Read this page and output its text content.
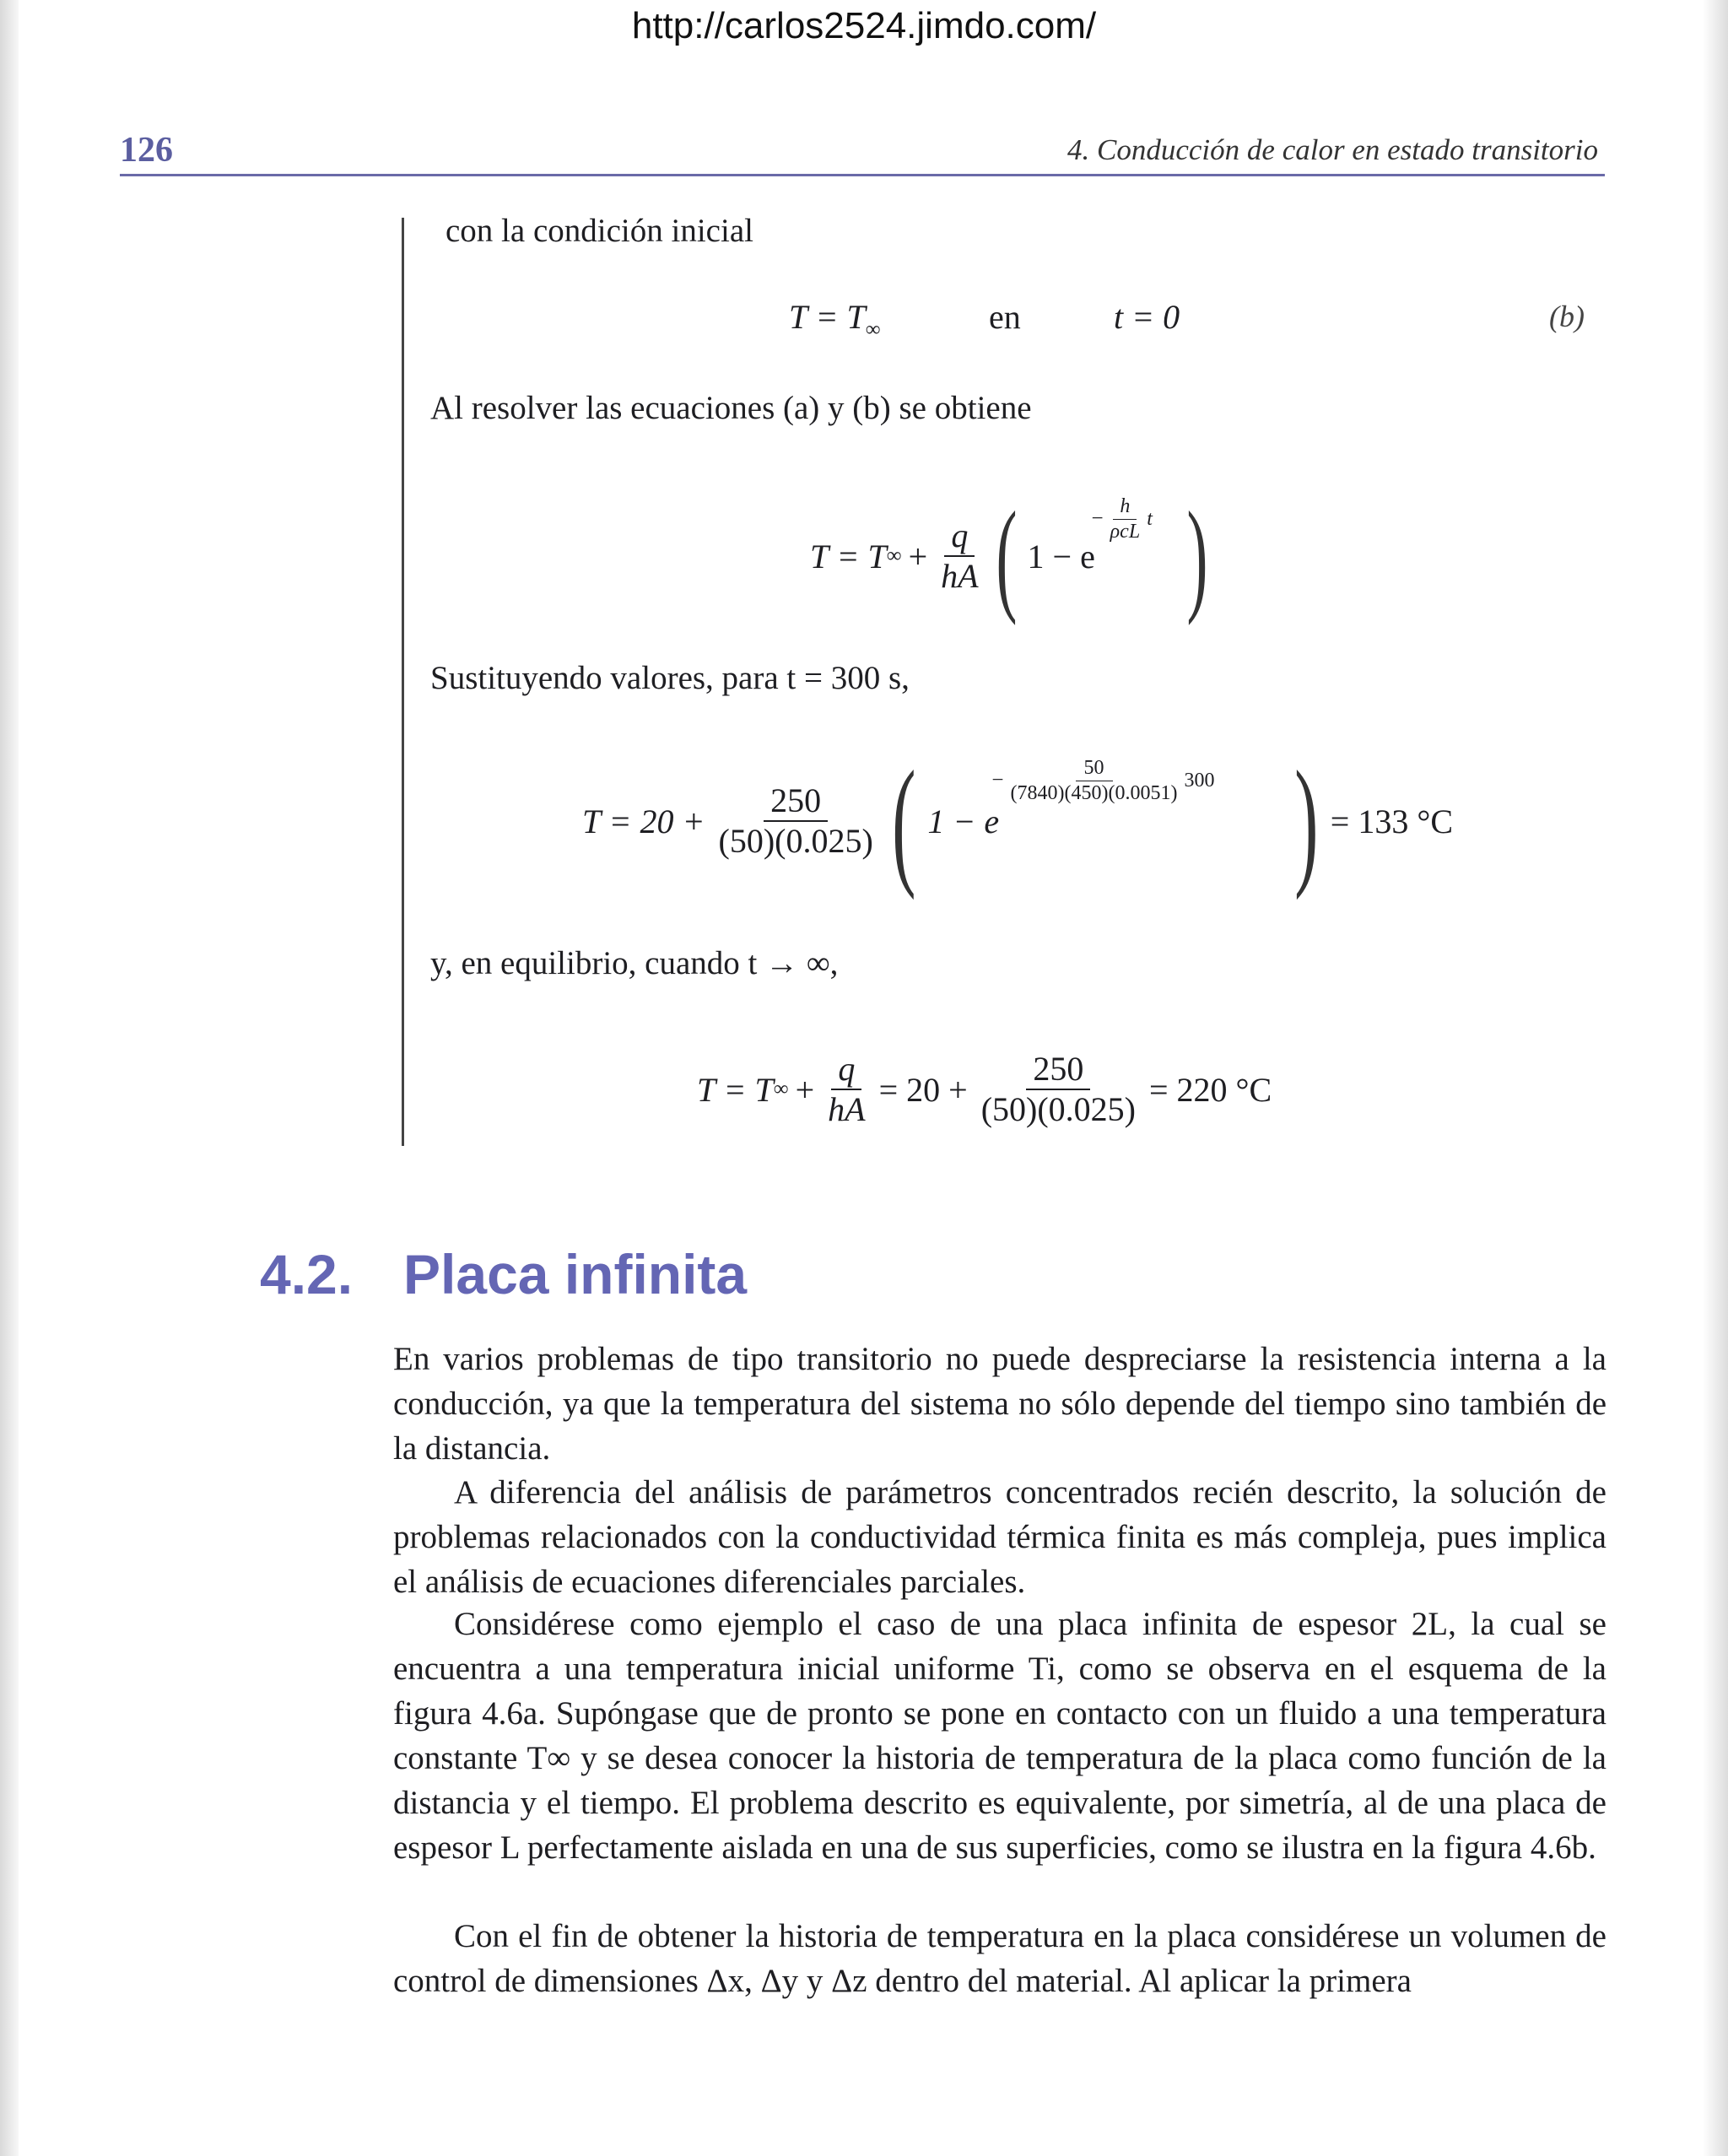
http://carlos2524.jimdo.com/
126	4. Conducción de calor en estado transitorio
con la condición inicial
$T = T_\infty$	en	t = 0	(b)
Al resolver las ecuaciones (a) y (b) se obtiene
T = T ∞ + $\frac{q}{hA}$ ( 1 − e
− $\frac{h}{\text{ρcL}}$ t )
Sustituyendo valores, para t = 300 s,
$T = 20 + \frac{250}{(50)(0.025)}$ ( 1 − e
− $\frac{50}{(7840)(450)(0.0051)} 300$ ) = 133 °C
y, en equilibrio, cuando t → ∞,
T = T ∞ + $\frac{q}{hA} = 20 + \frac{250}{(50)(0.025)} = 220$ °C
4.2. Placa infinita
En varios problemas de tipo transitorio no puede despreciarse la resistencia interna a la conducción, ya que la temperatura del sistema no sólo depende del tiempo sino también de la distancia.
A diferencia del análisis de parámetros concentrados recién descrito, la solución de problemas relacionados con la conductividad térmica finita es más compleja, pues implica el análisis de ecuaciones diferenciales parciales.
Considérese como ejemplo el caso de una placa infinita de espesor 2L, la cual se encuentra a una temperatura inicial uniforme Ti, como se observa en el esquema de la figura 4.6a. Supóngase que de pronto se pone en contacto con un fluido a una temperatura constante T∞ y se desea conocer la historia de temperatura de la placa como función de la distancia y el tiempo. El problema descrito es equivalente, por simetría, al de una placa de espesor L perfectamente aislada en una de sus superficies, como se ilustra en la figura 4.6b.
Con el fin de obtener la historia de temperatura en la placa considérese un volumen de control de dimensiones Δx, Δy y Δz dentro del material. Al aplicar la primera
